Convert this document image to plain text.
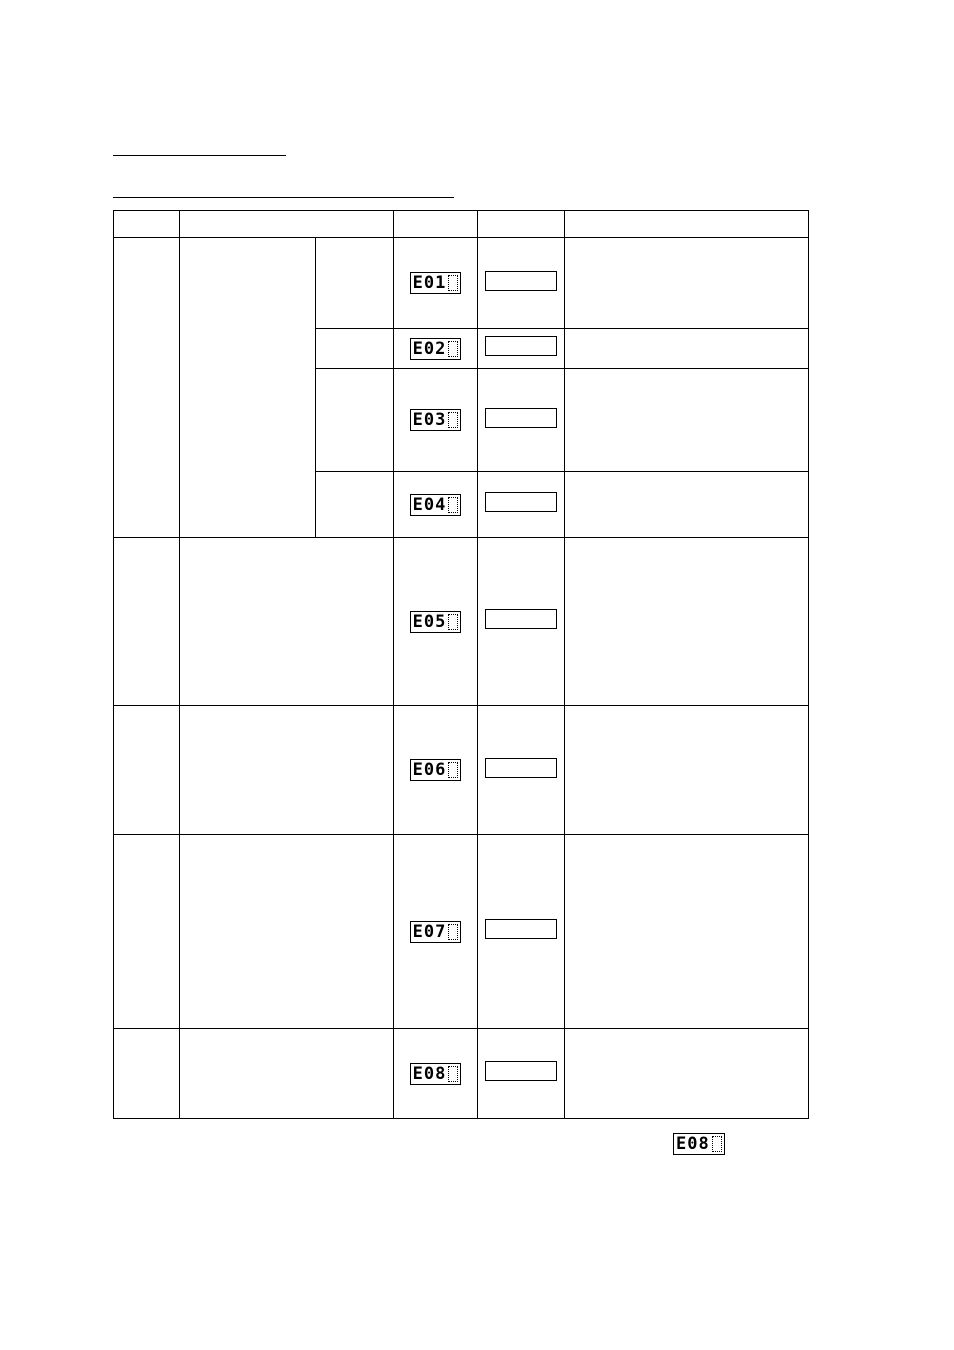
			E01		

			E02		

			E03		

			E04		

			E05		

			E06		

			E07		

			E08		

E08
